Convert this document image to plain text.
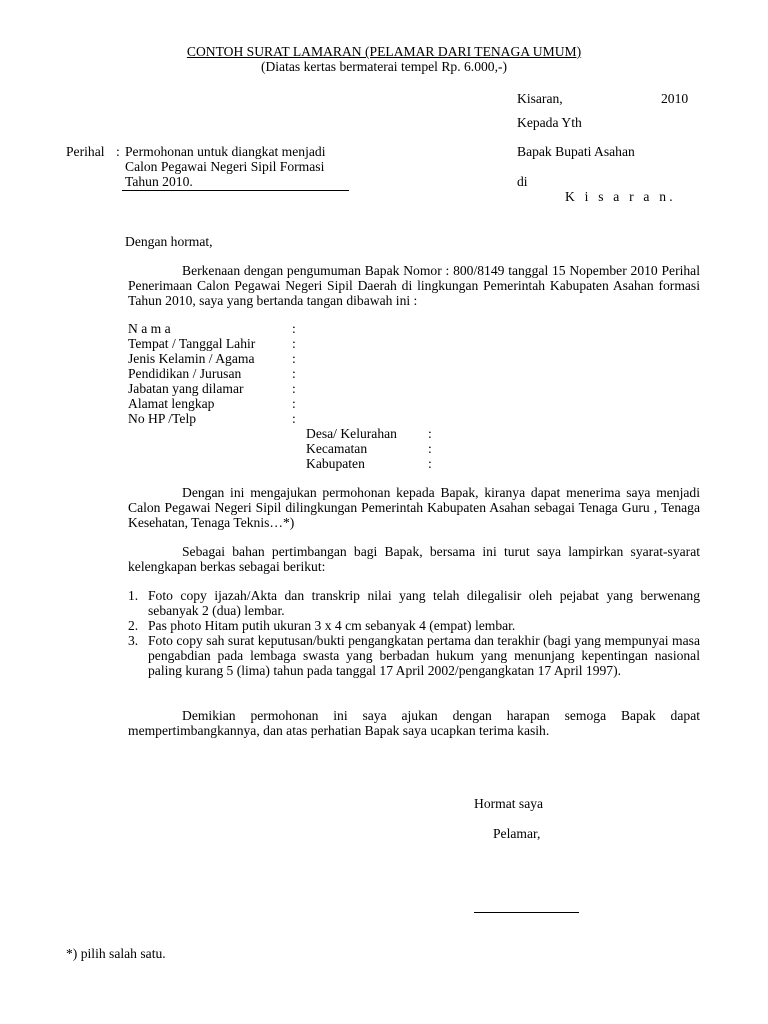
CONTOH SURAT LAMARAN (PELAMAR DARI TENAGA UMUM)
(Diatas kertas bermaterai tempel Rp. 6.000,-)
Kisaran,	2010
Kepada Yth
Bapak Bupati Asahan
di
K i s a r a n.
Perihal : Permohonan untuk diangkat menjadi
Calon Pegawai Negeri Sipil Formasi
Tahun 2010.
Dengan hormat,
Berkenaan dengan pengumuman Bapak Nomor : 800/8149 tanggal 15 Nopember 2010 Perihal Penerimaan Calon Pegawai Negeri Sipil Daerah di lingkungan Pemerintah Kabupaten Asahan formasi Tahun 2010, saya yang bertanda tangan dibawah ini :
N a m a	:
Tempat / Tanggal Lahir	:
Jenis Kelamin / Agama	:
Pendidikan / Jurusan	:
Jabatan yang dilamar	:
Alamat lengkap	:
No HP /Telp	:
Desa/ Kelurahan :
Kecamatan	:
Kabupaten	:
Dengan ini mengajukan permohonan kepada Bapak, kiranya dapat menerima saya menjadi Calon Pegawai Negeri Sipil dilingkungan Pemerintah Kabupaten Asahan sebagai Tenaga Guru , Tenaga Kesehatan, Tenaga Teknis…*)
Sebagai bahan pertimbangan bagi Bapak, bersama ini turut saya lampirkan syarat-syarat kelengkapan berkas sebagai berikut:
1. Foto copy ijazah/Akta dan transkrip nilai yang telah dilegalisir oleh pejabat yang berwenang sebanyak 2 (dua) lembar.
2. Pas photo Hitam putih ukuran 3 x 4 cm sebanyak 4 (empat) lembar.
3. Foto copy sah surat keputusan/bukti pengangkatan pertama dan terakhir (bagi yang mempunyai masa pengabdian pada lembaga swasta yang berbadan hukum yang menunjang kepentingan nasional paling kurang 5 (lima) tahun pada tanggal 17 April 2002/pengangkatan 17 April 1997).
Demikian permohonan ini saya ajukan dengan harapan semoga Bapak dapat mempertimbangkannya, dan atas perhatian Bapak saya ucapkan terima kasih.
Hormat saya
Pelamar,
*) pilih salah satu.
